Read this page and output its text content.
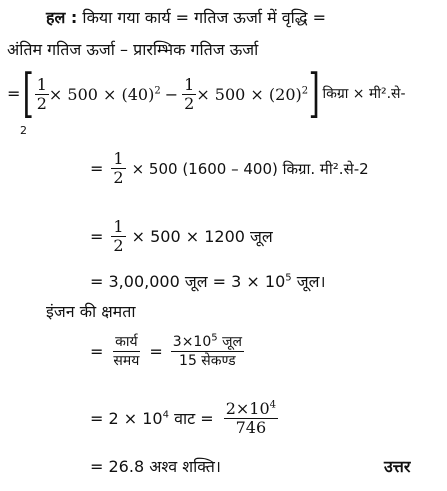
हल : किया गया कार्य = गतिज ऊर्जा में वृद्धि =
अंतिम गतिज ऊर्जा – प्रारम्भिक गतिज ऊर्जा
= [ $\frac{1}{2} \times 500 \times (40)^2 - \frac{1}{2} \times 500 \times (20)^2$ ] किग्रा × मी².से-
2
= $\frac{1}{2} \times 500$ (1600 – 400) किग्रा. मी².से-2
= $\frac{1}{2} \times 500 \times 1200$ जूल
= 3,00,000 जूल = $3 \times 10^5$ जूल।
इंजन की क्षमता
= $\frac{\text{कार्य}}{\text{समय}} = \frac{3\times 10^5 जूल}{\text{15 सेकण्ड}}$
= $2 \times 10^4$ वाट = $\frac{2\times 10^4}{746}$
= 26.8 अश्व शक्ति।	उत्तर
